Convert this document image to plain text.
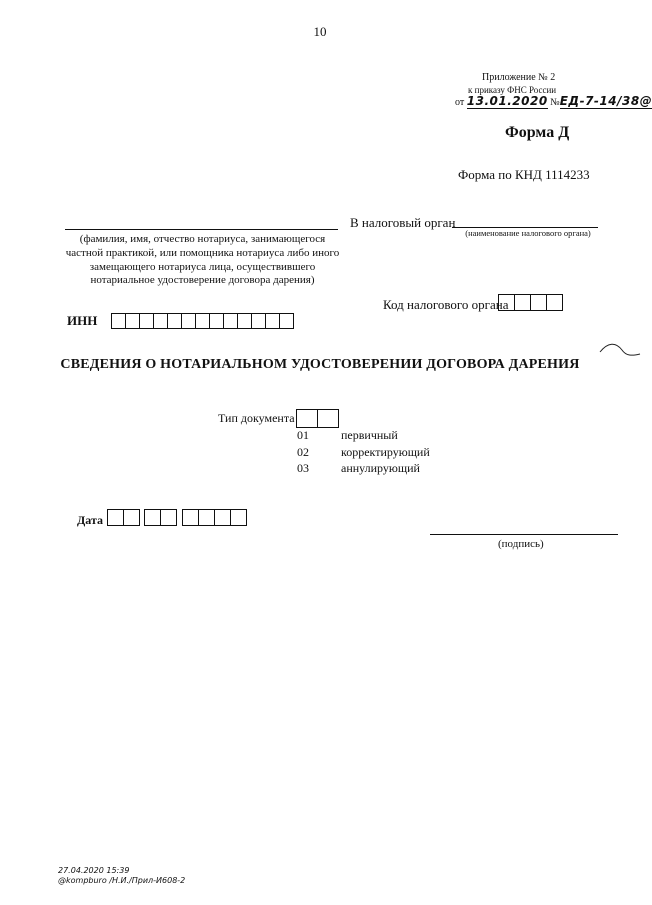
10
Приложение № 2
к приказу ФНС России
от 13.01.2020 №ЕД-7-14/38@
Форма Д
Форма по КНД 1114233
(фамилия, имя, отчество нотариуса, занимающегося частной практикой, или помощника нотариуса либо иного замещающего нотариуса лица, осуществившего нотариальное удостоверение договора дарения)
В налоговый орган
(наименование налогового органа)
Код налогового органа
ИНН
СВЕДЕНИЯ О НОТАРИАЛЬНОМ УДОСТОВЕРЕНИИ ДОГОВОРА ДАРЕНИЯ
Тип документа
01	первичный
02	корректирующий
03	аннулирующий
Дата
(подпись)
27.04.2020 15:39
@kompburo /Н.И./Прил-И608-2
